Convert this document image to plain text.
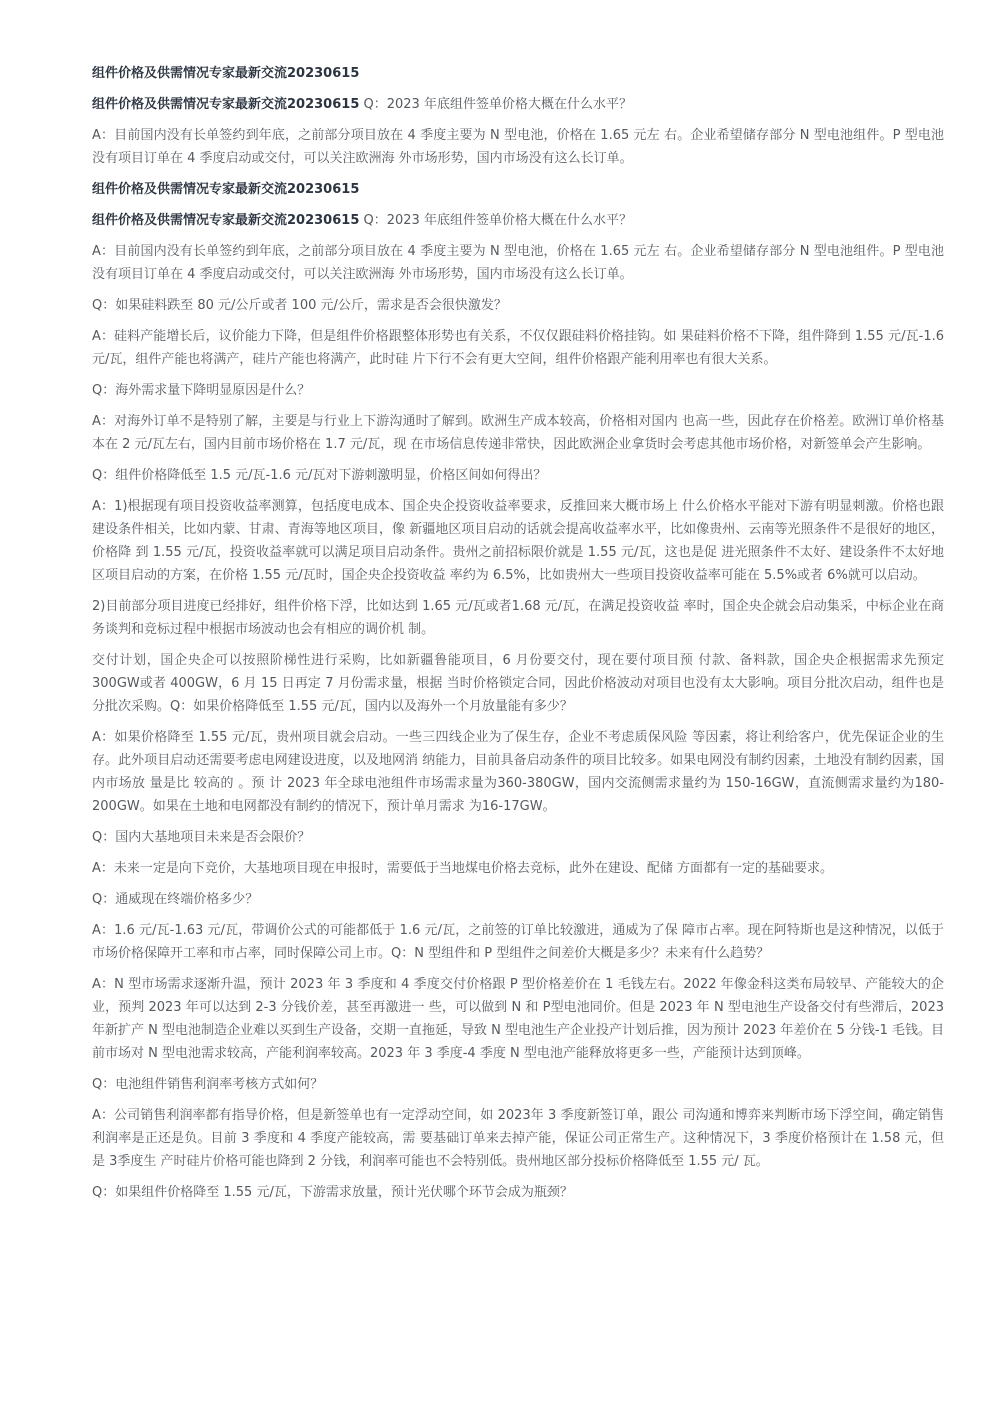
组件价格及供需情况专家最新交流20230615

组件价格及供需情况专家最新交流20230615 Q：2023 年底组件签单价格大概在什么水平？

A：目前国内没有长单签约到年底，之前部分项目放在 4 季度主要为 N 型电池，价格在 1.65 元左 右。企业希望储存部分 N 型电池组件。P 型电池没有项目订单在 4 季度启动或交付，可以关注欧洲海 外市场形势，国内市场没有这么长订单。

组件价格及供需情况专家最新交流20230615

组件价格及供需情况专家最新交流20230615 Q：2023 年底组件签单价格大概在什么水平？

A：目前国内没有长单签约到年底，之前部分项目放在 4 季度主要为 N 型电池，价格在 1.65 元左 右。企业希望储存部分 N 型电池组件。P 型电池没有项目订单在 4 季度启动或交付，可以关注欧洲海 外市场形势，国内市场没有这么长订单。

Q：如果硅料跌至 80 元/公斤或者 100 元/公斤，需求是否会很快激发？

A：硅料产能增长后，议价能力下降，但是组件价格跟整体形势也有关系，不仅仅跟硅料价格挂钩。如 果硅料价格不下降，组件降到 1.55 元/瓦-1.6元/瓦，组件产能也将满产，硅片产能也将满产，此时硅 片下行不会有更大空间，组件价格跟产能利用率也有很大关系。

Q：海外需求量下降明显原因是什么？

A：对海外订单不是特别了解，主要是与行业上下游沟通时了解到。欧洲生产成本较高，价格相对国内 也高一些，因此存在价格差。欧洲订单价格基本在 2 元/瓦左右，国内目前市场价格在 1.7 元/瓦，现 在市场信息传递非常快，因此欧洲企业拿货时会考虑其他市场价格，对新签单会产生影响。

Q：组件价格降低至 1.5 元/瓦-1.6 元/瓦对下游刺激明显，价格区间如何得出？

A：1)根据现有项目投资收益率测算，包括度电成本、国企央企投资收益率要求，反推回来大概市场上 什么价格水平能对下游有明显刺激。价格也跟建设条件相关，比如内蒙、甘肃、青海等地区项目，像 新疆地区项目启动的话就会提高收益率水平，比如像贵州、云南等光照条件不是很好的地区，价格降 到 1.55 元/瓦，投资收益率就可以满足项目启动条件。贵州之前招标限价就是 1.55 元/瓦，这也是促 进光照条件不太好、建设条件不太好地区项目启动的方案，在价格 1.55 元/瓦时，国企央企投资收益 率约为 6.5%，比如贵州大一些项目投资收益率可能在 5.5%或者 6%就可以启动。

2)目前部分项目进度已经排好，组件价格下浮，比如达到 1.65 元/瓦或者1.68 元/瓦，在满足投资收益 率时，国企央企就会启动集采，中标企业在商务谈判和竞标过程中根据市场波动也会有相应的调价机 制。

交付计划，国企央企可以按照阶梯性进行采购，比如新疆鲁能项目，6 月份要交付，现在要付项目预 付款、备料款，国企央企根据需求先预定 300GW或者 400GW，6 月 15 日再定 7 月份需求量，根据 当时价格锁定合同，因此价格波动对项目也没有太大影响。项目分批次启动，组件也是分批次采购。Q：如果价格降低至 1.55 元/瓦，国内以及海外一个月放量能有多少？

A：如果价格降至 1.55 元/瓦，贵州项目就会启动。一些三四线企业为了保生存，企业不考虑质保风险 等因素，将让利给客户，优先保证企业的生存。此外项目启动还需要考虑电网建设进度，以及地网消 纳能力，目前具备启动条件的项目比较多。如果电网没有制约因素，土地没有制约因素，国内市场放 量是比 较高的 。预 计 2023 年全球电池组件市场需求量为360-380GW，国内交流侧需求量约为 150-16GW，直流侧需求量约为180-200GW。如果在土地和电网都没有制约的情况下，预计单月需求 为16-17GW。

Q：国内大基地项目未来是否会限价？

A：未来一定是向下竞价，大基地项目现在申报时，需要低于当地煤电价格去竞标，此外在建设、配储 方面都有一定的基础要求。

Q：通威现在终端价格多少？

A：1.6 元/瓦-1.63 元/瓦，带调价公式的可能都低于 1.6 元/瓦，之前签的订单比较激进，通威为了保 障市占率。现在阿特斯也是这种情况，以低于市场价格保障开工率和市占率，同时保障公司上市。Q：N 型组件和 P 型组件之间差价大概是多少？未来有什么趋势？

A：N 型市场需求逐渐升温，预计 2023 年 3 季度和 4 季度交付价格跟 P 型价格差价在 1 毛钱左右。2022 年像金科这类布局较早、产能较大的企业，预判 2023 年可以达到 2-3 分钱价差，甚至再激进一 些，可以做到 N 和 P型电池同价。但是 2023 年 N 型电池生产设备交付有些滞后，2023 年新扩产 N 型电池制造企业难以买到生产设备，交期一直拖延，导致 N 型电池生产企业投产计划后推，因为预计 2023 年差价在 5 分钱-1 毛钱。目前市场对 N 型电池需求较高，产能利润率较高。2023 年 3 季度-4 季度 N 型电池产能释放将更多一些，产能预计达到顶峰。

Q：电池组件销售利润率考核方式如何？

A：公司销售利润率都有指导价格，但是新签单也有一定浮动空间，如 2023年 3 季度新签订单，跟公 司沟通和博弈来判断市场下浮空间，确定销售利润率是正还是负。目前 3 季度和 4 季度产能较高，需 要基础订单来去掉产能，保证公司正常生产。这种情况下，3 季度价格预计在 1.58 元，但是 3季度生 产时硅片价格可能也降到 2 分钱，利润率可能也不会特别低。贵州地区部分投标价格降低至 1.55 元/ 瓦。

Q：如果组件价格降至 1.55 元/瓦，下游需求放量，预计光伏哪个环节会成为瓶颈？
